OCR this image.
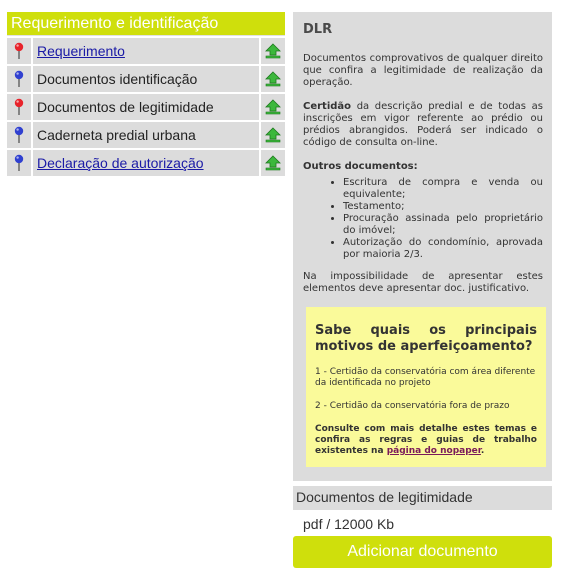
Requerimento e identificação
Requerimento
Documentos identificação
Documentos de legitimidade
Caderneta predial urbana
Declaração de autorização
DLR

Documentos comprovativos de qualquer direito que confira a legitimidade de realização da operação.

Certidão da descrição predial e de todas as inscrições em vigor referente ao prédio ou prédios abrangidos. Poderá ser indicado o código de consulta on-line.

Outros documentos:

• Escritura de compra e venda ou equivalente;
• Testamento;
• Procuração assinada pelo proprietário do imóvel;
• Autorização do condomínio, aprovada por maioria 2/3.

Na impossibilidade de apresentar estes elementos deve apresentar doc. justificativo.

Sabe quais os principais motivos de aperfeiçoamento?

1 - Certidão da conservatória com área diferente da identificada no projeto

2 - Certidão da conservatória fora de prazo

Consulte com mais detalhe estes temas e confira as regras e guias de trabalho existentes na página do nopaper.

Documentos de legitimidade
pdf / 12000 Kb
Adicionar documento
